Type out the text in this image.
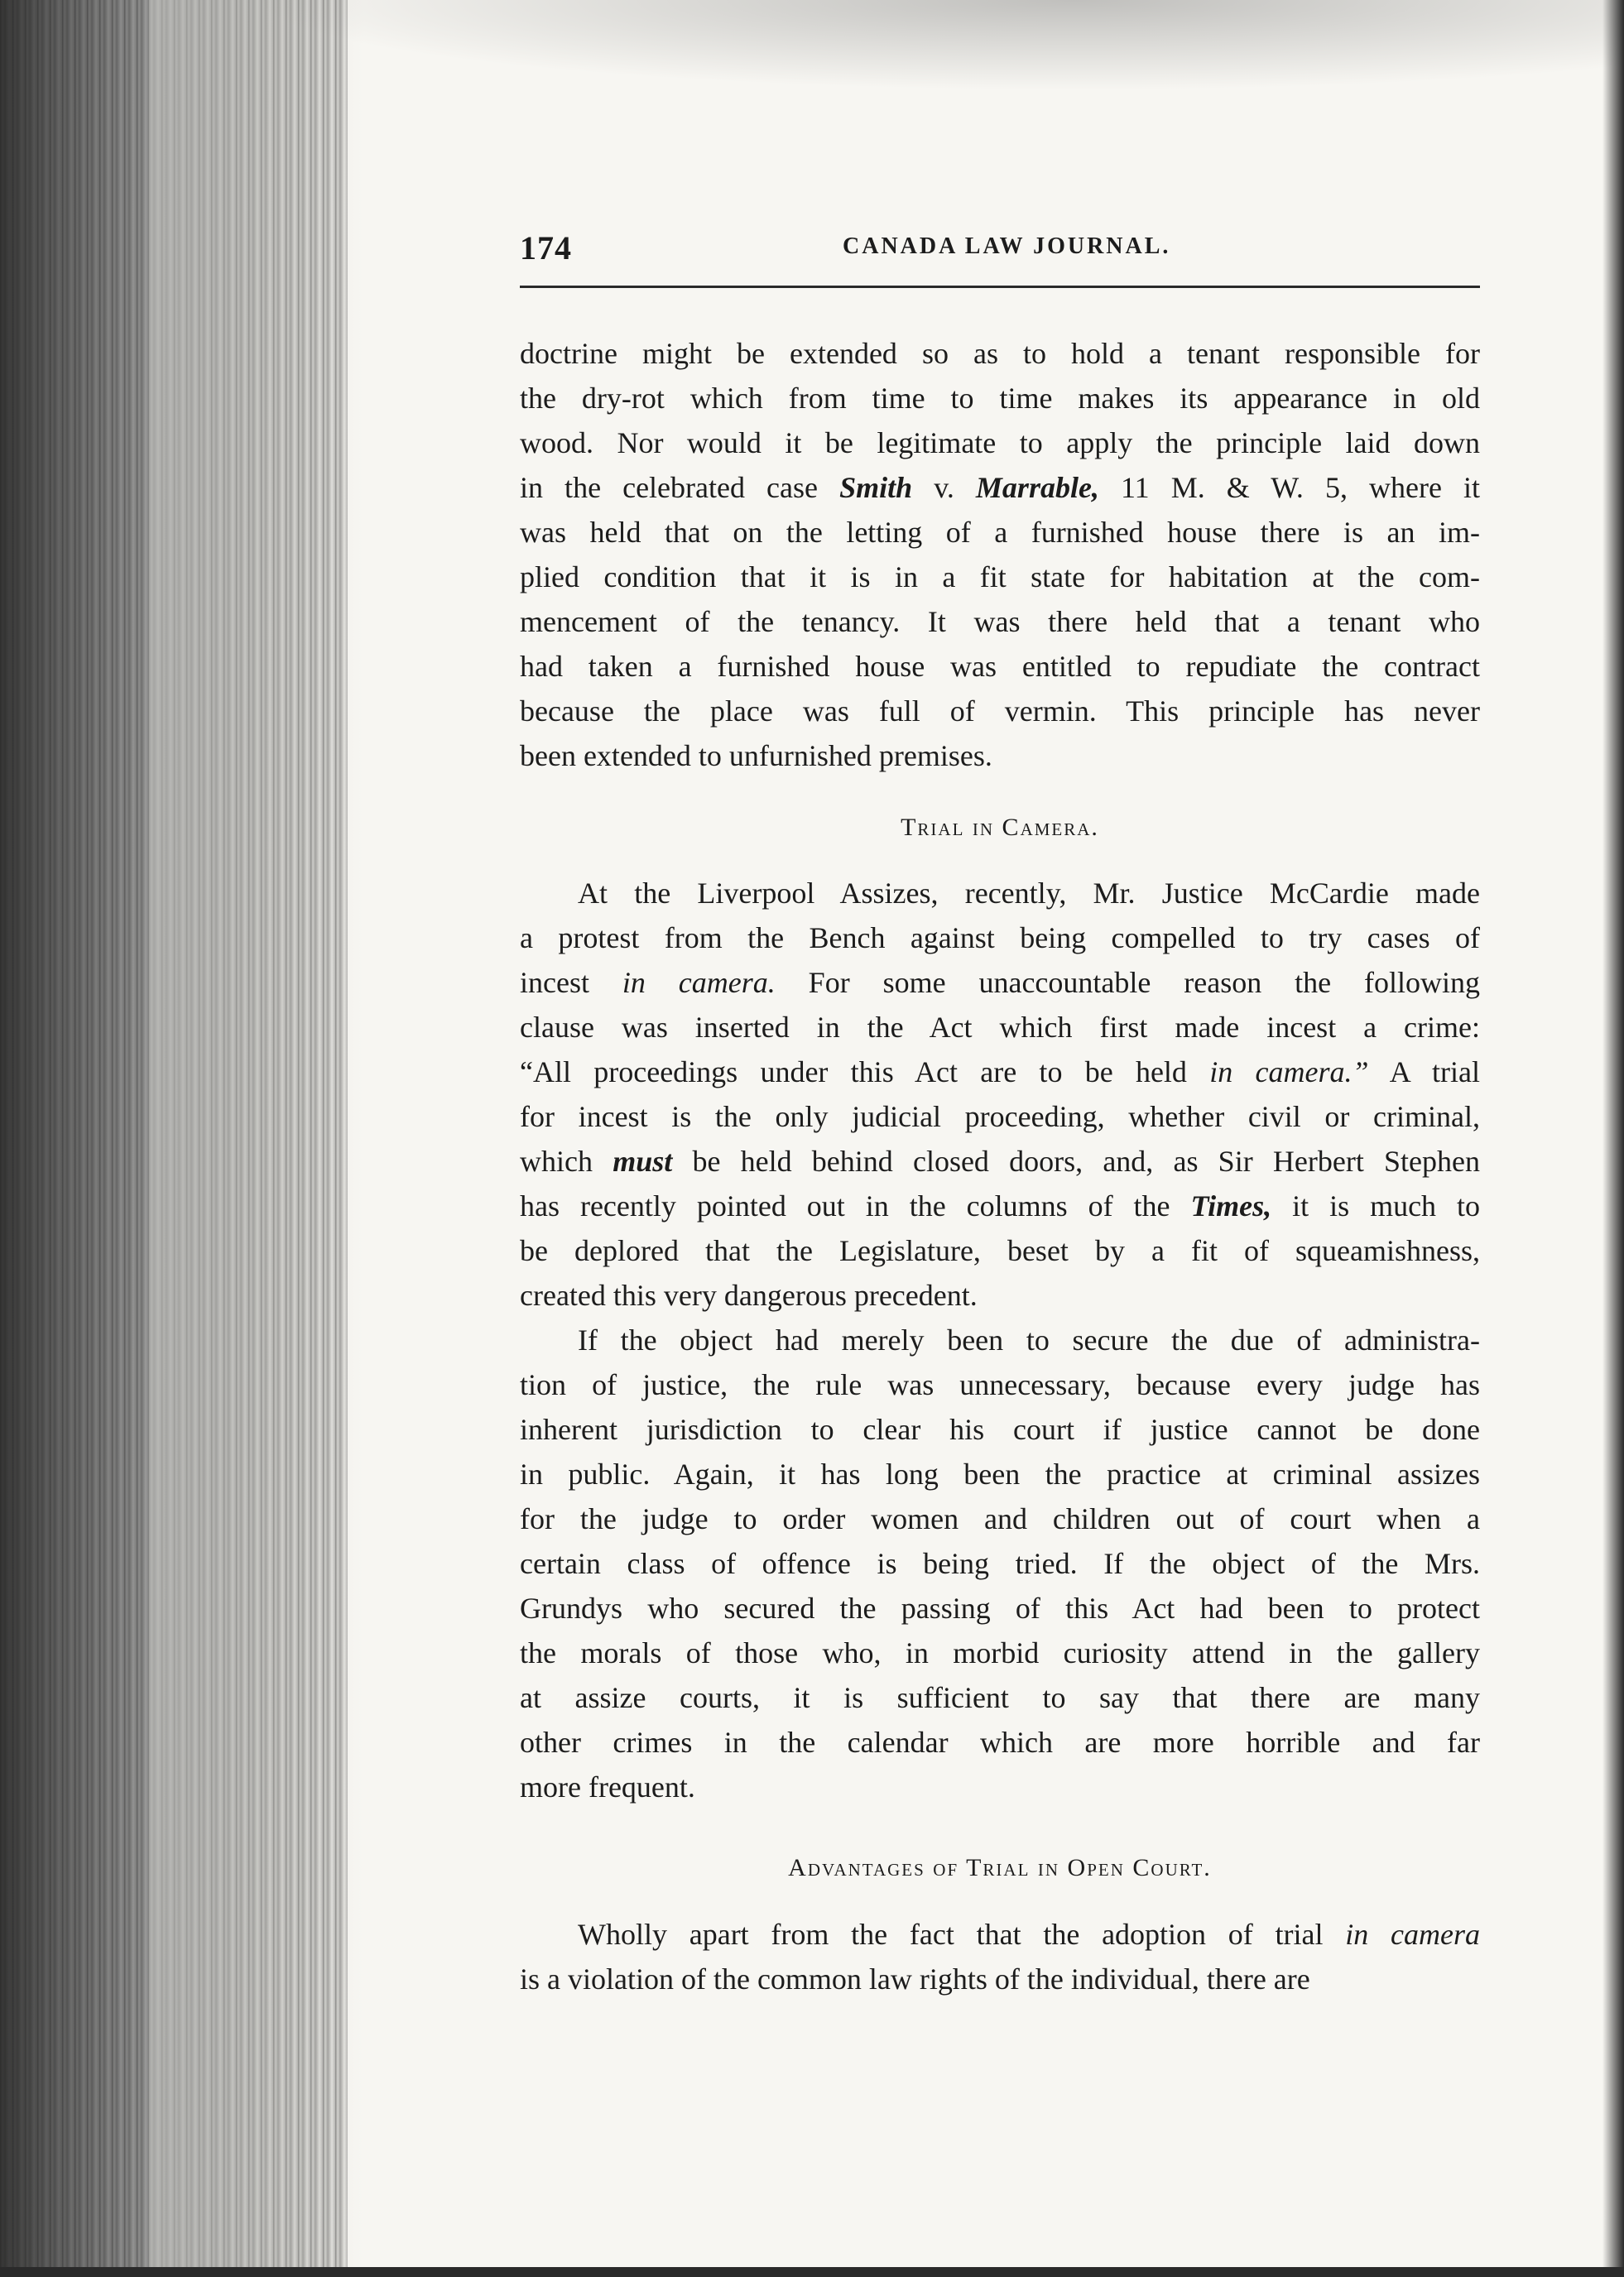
174	CANADA LAW JOURNAL.
doctrine might be extended so as to hold a tenant responsible for
the dry-rot which from time to time makes its appearance in old
wood. Nor would it be legitimate to apply the principle laid down
in the celebrated case Smith v. Marrable, 11 M. & W. 5, where it
was held that on the letting of a furnished house there is an im-
plied condition that it is in a fit state for habitation at the com-
mencement of the tenancy. It was there held that a tenant who
had taken a furnished house was entitled to repudiate the contract
because the place was full of vermin. This principle has never
been extended to unfurnished premises.
Trial in Camera.
At the Liverpool Assizes, recently, Mr. Justice McCardie made
a protest from the Bench against being compelled to try cases of
incest in camera. For some unaccountable reason the following
clause was inserted in the Act which first made incest a crime:
“All proceedings under this Act are to be held in camera.” A trial
for incest is the only judicial proceeding, whether civil or criminal,
which must be held behind closed doors, and, as Sir Herbert Stephen
has recently pointed out in the columns of the Times, it is much to
be deplored that the Legislature, beset by a fit of squeamishness,
created this very dangerous precedent.
If the object had merely been to secure the due of administra-
tion of justice, the rule was unnecessary, because every judge has
inherent jurisdiction to clear his court if justice cannot be done
in public. Again, it has long been the practice at criminal assizes
for the judge to order women and children out of court when a
certain class of offence is being tried. If the object of the Mrs.
Grundys who secured the passing of this Act had been to protect
the morals of those who, in morbid curiosity attend in the gallery
at assize courts, it is sufficient to say that there are many
other crimes in the calendar which are more horrible and far
more frequent.
Advantages of Trial in Open Court.
Wholly apart from the fact that the adoption of trial in camera
is a violation of the common law rights of the individual, there are
